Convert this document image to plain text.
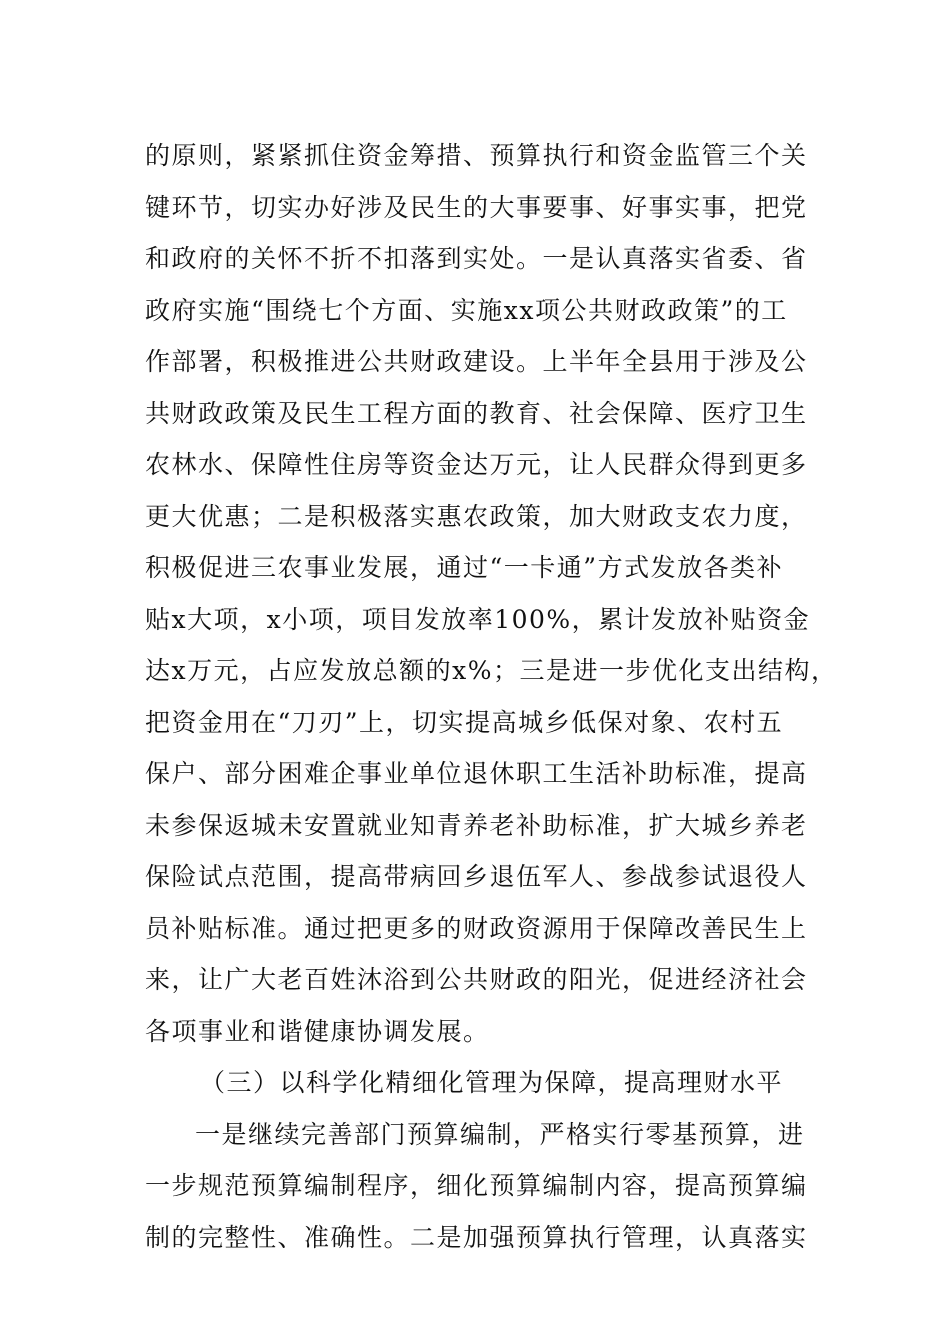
的原则，紧紧抓住资金筹措、预算执行和资金监管三个关
键环节，切实办好涉及民生的大事要事、好事实事，把党
和政府的关怀不折不扣落到实处。一是认真落实省委、省
政府实施“围绕七个方面、实施xx项公共财政政策”的工
作部署，积极推进公共财政建设。上半年全县用于涉及公
共财政政策及民生工程方面的教育、社会保障、医疗卫生
农林水、保障性住房等资金达万元，让人民群众得到更多
更大优惠；二是积极落实惠农政策，加大财政支农力度，
积极促进三农事业发展，通过“一卡通”方式发放各类补
贴x大项，x小项，项目发放率100%，累计发放补贴资金
达x万元，占应发放总额的x%；三是进一步优化支出结构，
把资金用在“刀刃”上，切实提高城乡低保对象、农村五
保户、部分困难企事业单位退休职工生活补助标准，提高
未参保返城未安置就业知青养老补助标准，扩大城乡养老
保险试点范围，提高带病回乡退伍军人、参战参试退役人
员补贴标准。通过把更多的财政资源用于保障改善民生上
来，让广大老百姓沐浴到公共财政的阳光，促进经济社会
各项事业和谐健康协调发展。
（三）以科学化精细化管理为保障，提高理财水平
一是继续完善部门预算编制，严格实行零基预算，进
一步规范预算编制程序，细化预算编制内容，提高预算编
制的完整性、准确性。二是加强预算执行管理，认真落实
